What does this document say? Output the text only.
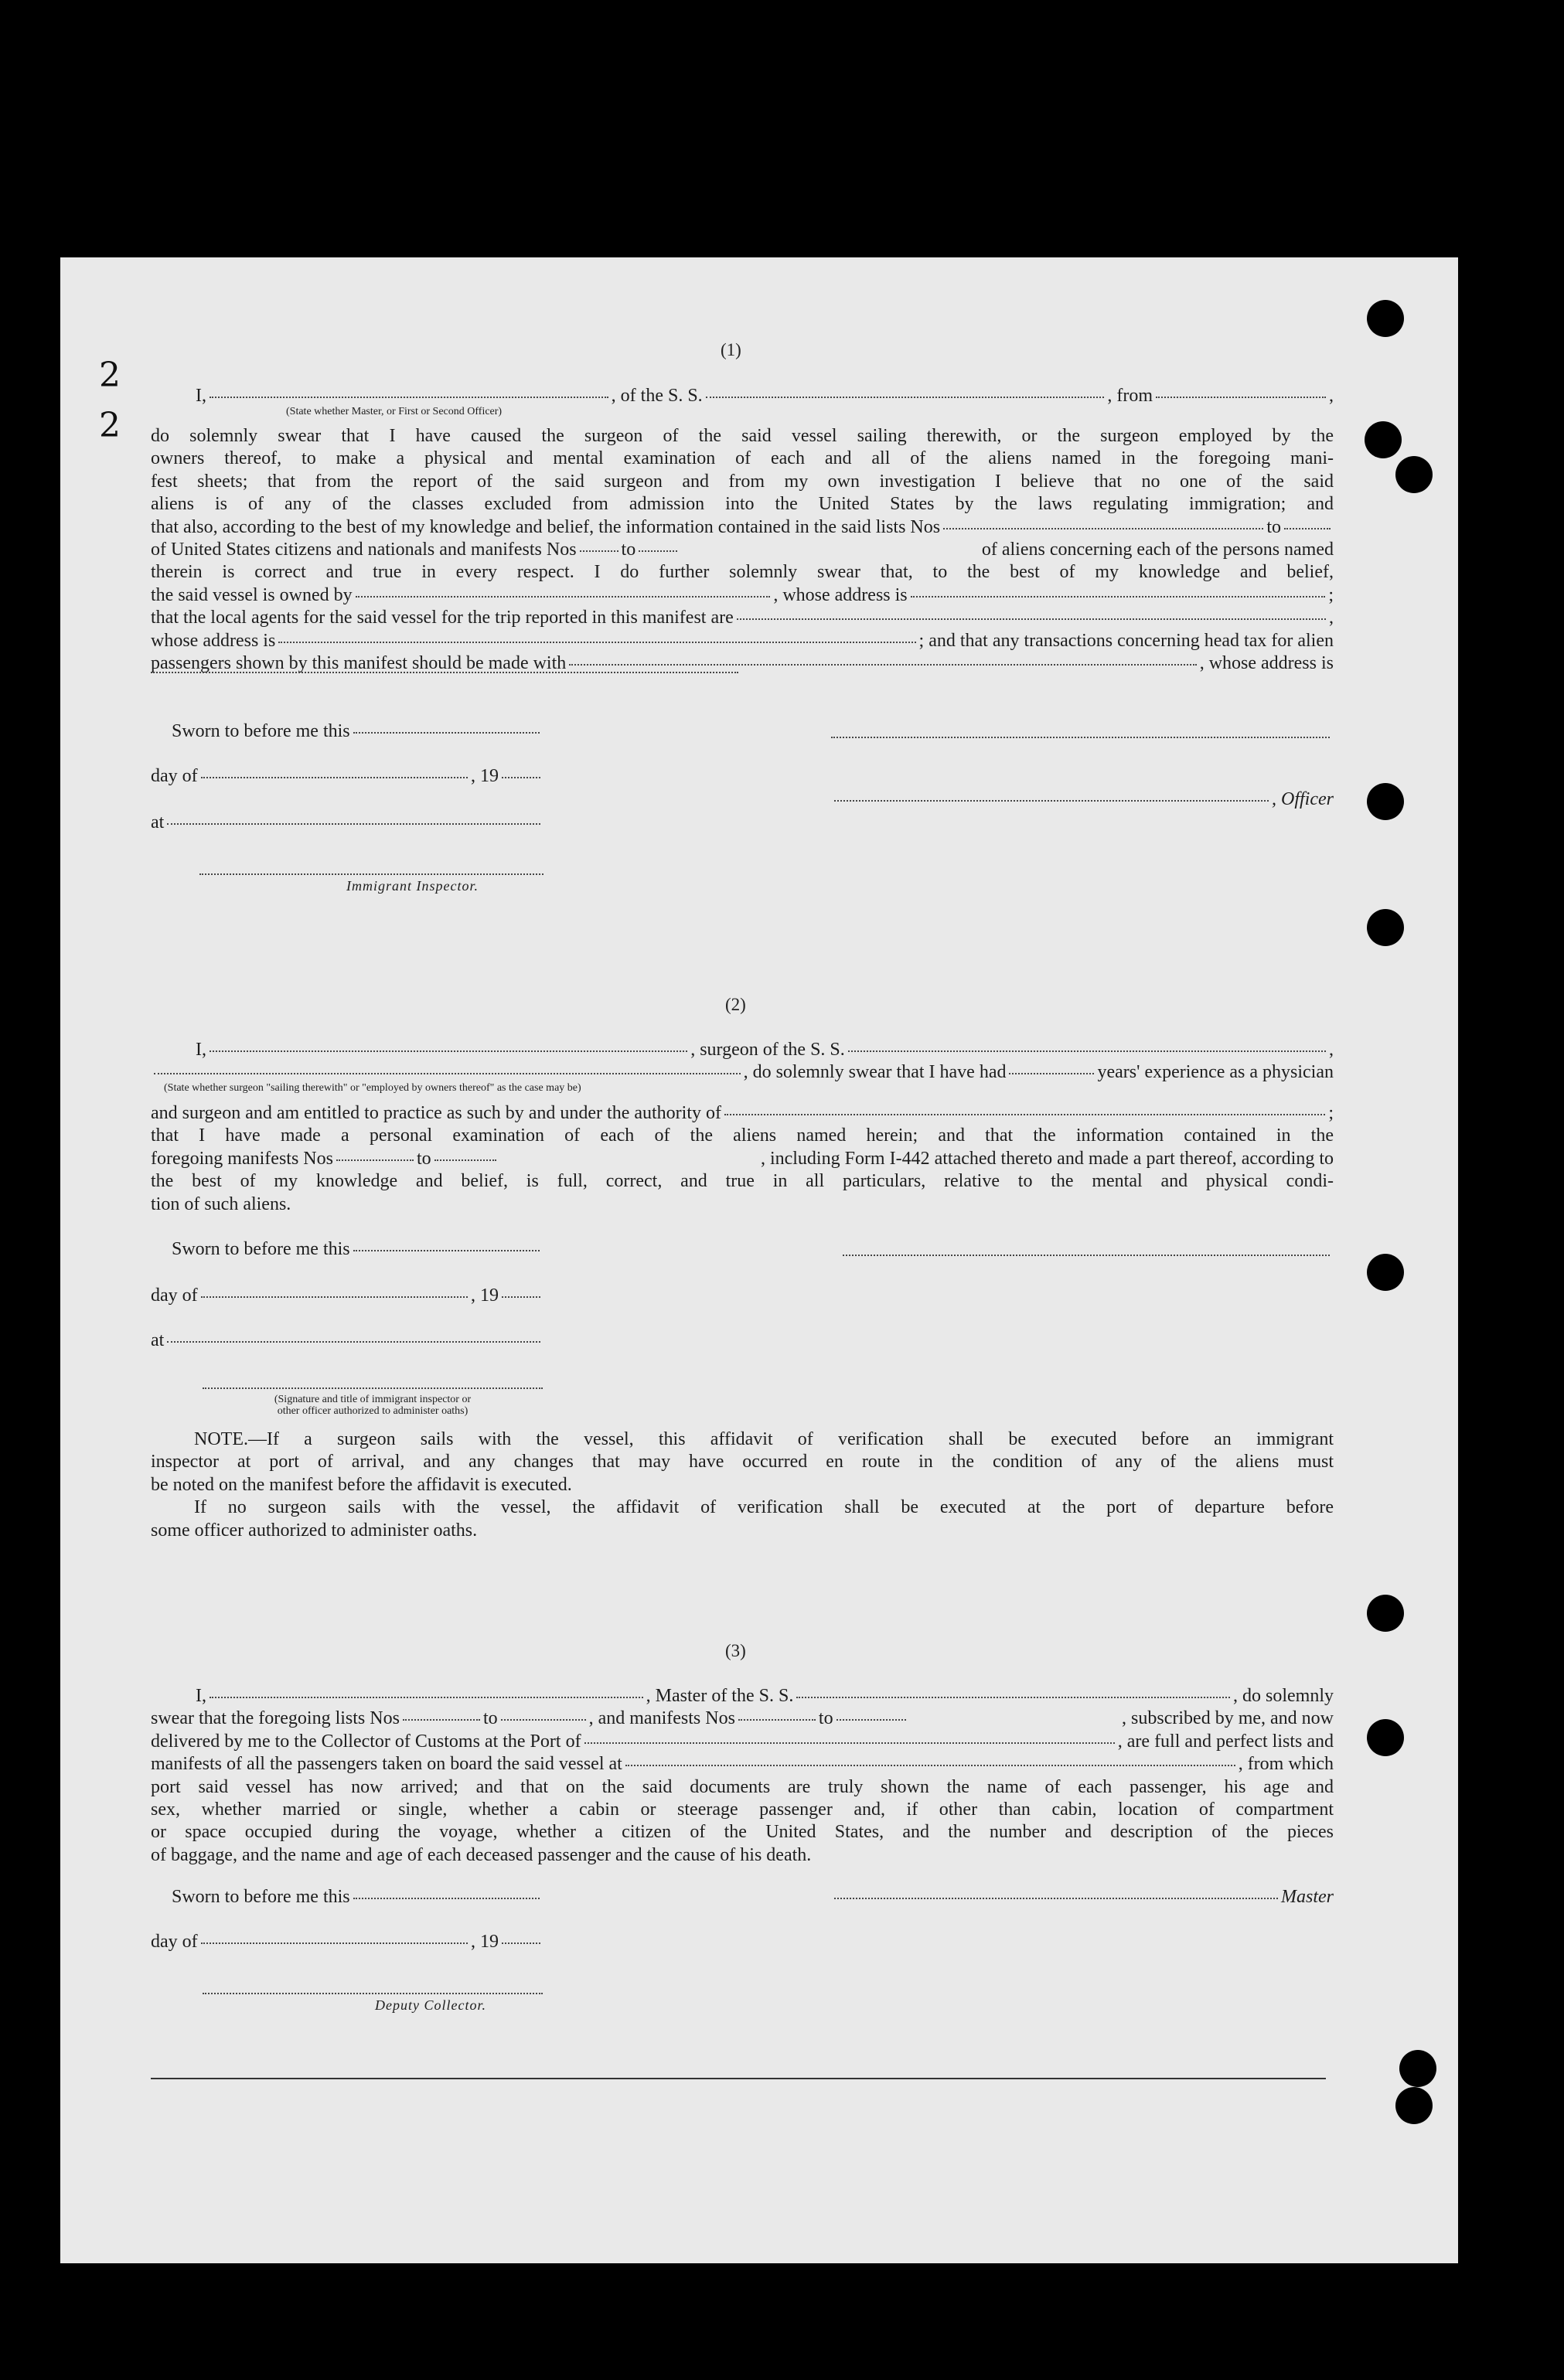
2
2
(1)
I,	, of the S. S.	, from	,
(State whether Master, or First or Second Officer)
do solemnly swear that I have caused the surgeon of the said vessel sailing therewith, or the surgeon employed by the
owners thereof, to make a physical and mental examination of each and all of the aliens named in the foregoing mani-
fest sheets; that from the report of the said surgeon and from my own investigation I believe that no one of the said
aliens is of any of the classes excluded from admission into the United States by the laws regulating immigration; and
that also, according to the best of my knowledge and belief, the information contained in the said lists Nos	to
of United States citizens and nationals and manifests Nos to	of aliens concerning each of the persons named
therein is correct and true in every respect. I do further solemnly swear that, to the best of my knowledge and belief,
the said vessel is owned by	, whose address is	;
that the local agents for the said vessel for the trip reported in this manifest are	,
whose address is	; and that any transactions concerning head tax for alien
passengers shown by this manifest should be made with	, whose address is
Sworn to before me this
day of	, 19
, Officer
at
Immigrant Inspector.
(2)
I,	, surgeon of the S. S.	,
, do solemnly swear that I have had	years' experience as a physician
(State whether surgeon "sailing therewith" or "employed by owners thereof" as the case may be)
and surgeon and am entitled to practice as such by and under the authority of	;
that I have made a personal examination of each of the aliens named herein; and that the information contained in the
foregoing manifests Nos	to	, including Form I-442 attached thereto and made a part thereof, according to
the best of my knowledge and belief, is full, correct, and true in all particulars, relative to the mental and physical condi-
tion of such aliens.
Sworn to before me this
day of	, 19
at
(Signature and title of immigrant inspector or
other officer authorized to administer oaths)
NOTE.—If a surgeon sails with the vessel, this affidavit of verification shall be executed before an immigrant
inspector at port of arrival, and any changes that may have occurred en route in the condition of any of the aliens must
be noted on the manifest before the affidavit is executed.
If no surgeon sails with the vessel, the affidavit of verification shall be executed at the port of departure before
some officer authorized to administer oaths.
(3)
I,	, Master of the S. S.	, do solemnly
swear that the foregoing lists Nos	to	, and manifests Nos	to	, subscribed by me, and now
delivered by me to the Collector of Customs at the Port of	, are full and perfect lists and
manifests of all the passengers taken on board the said vessel at	, from which
port said vessel has now arrived; and that on the said documents are truly shown the name of each passenger, his age and
sex, whether married or single, whether a cabin or steerage passenger and, if other than cabin, location of compartment
or space occupied during the voyage, whether a citizen of the United States, and the number and description of the pieces
of baggage, and the name and age of each deceased passenger and the cause of his death.
Sworn to before me this	Master
day of	, 19
Deputy Collector.
